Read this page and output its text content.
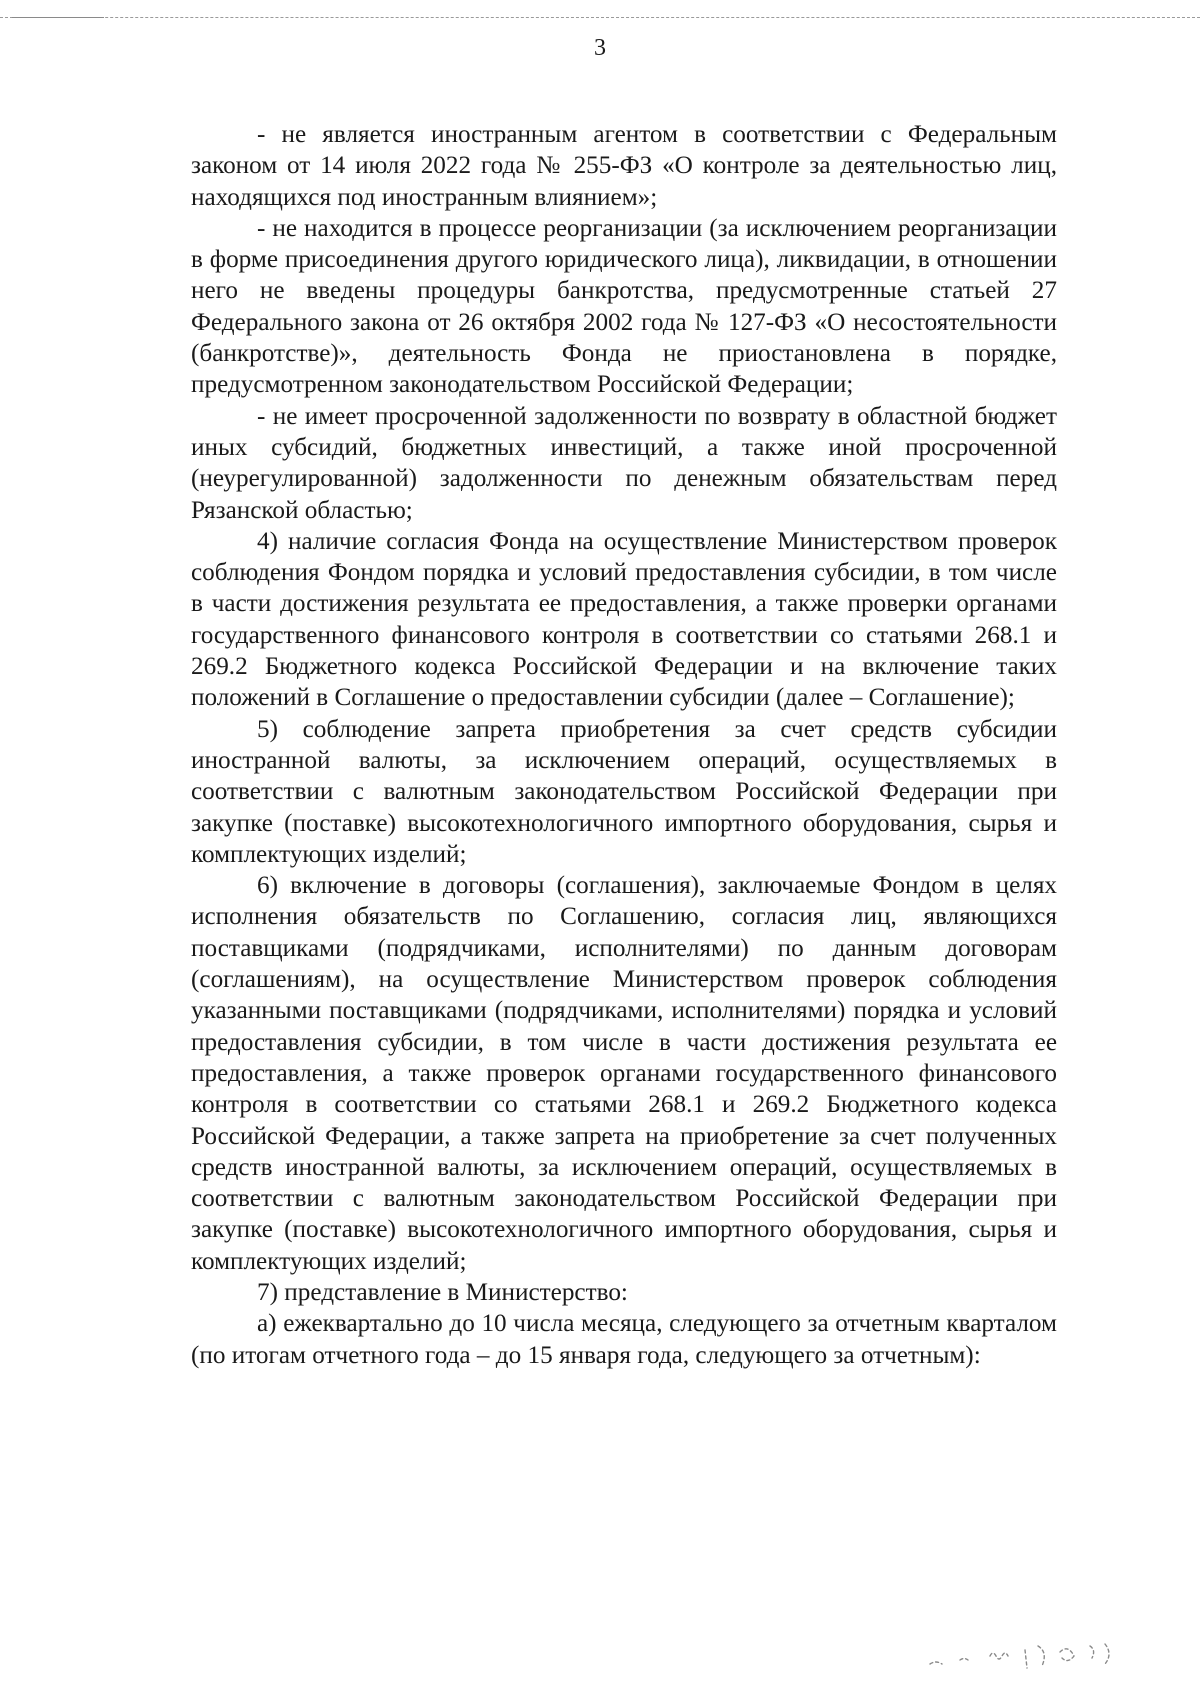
3

- не является иностранным агентом в соответствии с Федеральным законом от 14 июля 2022 года № 255-ФЗ «О контроле за деятельностью лиц, находящихся под иностранным влиянием»;

- не находится в процессе реорганизации (за исключением реорганизации в форме присоединения другого юридического лица), ликвидации, в отношении него не введены процедуры банкротства, предусмотренные статьей 27 Федерального закона от 26 октября 2002 года № 127-ФЗ «О несостоятельности (банкротстве)», деятельность Фонда не приостановлена в порядке, предусмотренном законодательством Российской Федерации;

- не имеет просроченной задолженности по возврату в областной бюджет иных субсидий, бюджетных инвестиций, а также иной просроченной (неурегулированной) задолженности по денежным обязательствам перед Рязанской областью;

4) наличие согласия Фонда на осуществление Министерством проверок соблюдения Фондом порядка и условий предоставления субсидии, в том числе в части достижения результата ее предоставления, а также проверки органами государственного финансового контроля в соответствии со статьями 268.1 и 269.2 Бюджетного кодекса Российской Федерации и на включение таких положений в Соглашение о предоставлении субсидии (далее – Соглашение);

5) соблюдение запрета приобретения за счет средств субсидии иностранной валюты, за исключением операций, осуществляемых в соответствии с валютным законодательством Российской Федерации при закупке (поставке) высокотехнологичного импортного оборудования, сырья и комплектующих изделий;

6) включение в договоры (соглашения), заключаемые Фондом в целях исполнения обязательств по Соглашению, согласия лиц, являющихся поставщиками (подрядчиками, исполнителями) по данным договорам (соглашениям), на осуществление Министерством проверок соблюдения указанными поставщиками (подрядчиками, исполнителями) порядка и условий предоставления субсидии, в том числе в части достижения результата ее предоставления, а также проверок органами государственного финансового контроля в соответствии со статьями 268.1 и 269.2 Бюджетного кодекса Российской Федерации, а также запрета на приобретение за счет полученных средств иностранной валюты, за исключением операций, осуществляемых в соответствии с валютным законодательством Российской Федерации при закупке (поставке) высокотехнологичного импортного оборудования, сырья и комплектующих изделий;

7) представление в Министерство:

а) ежеквартально до 10 числа месяца, следующего за отчетным кварталом (по итогам отчетного года – до 15 января года, следующего за отчетным):
